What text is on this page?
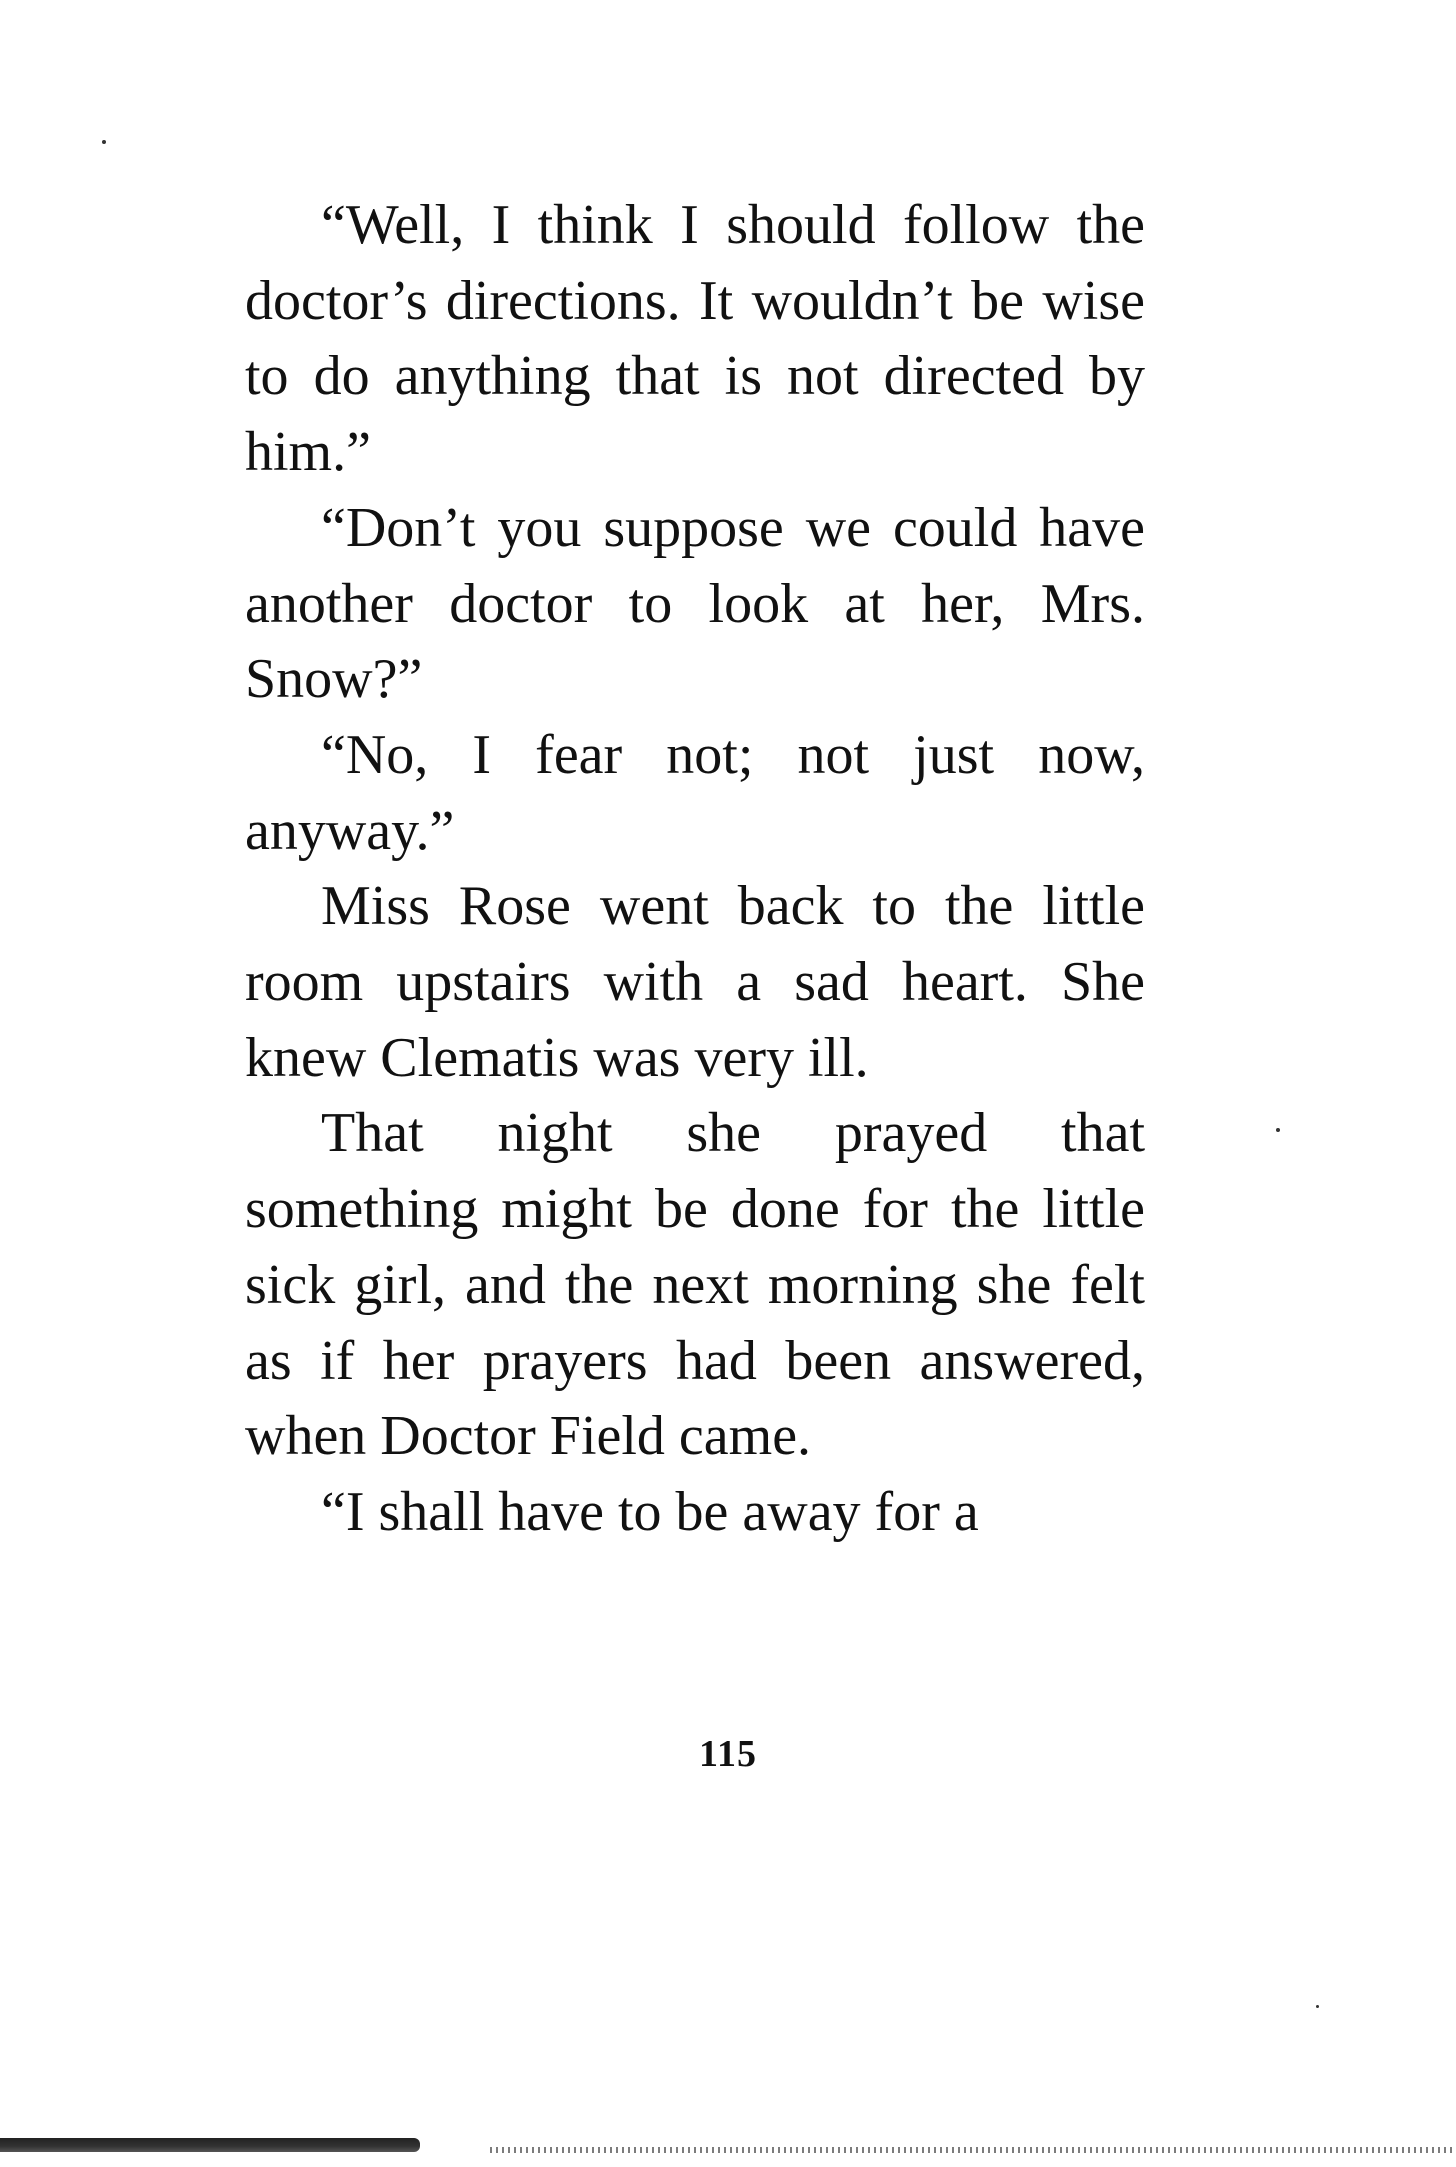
“Well, I think I should follow the doctor’s directions. It wouldn’t be wise to do anything that is not directed by him.”

“Don’t you suppose we could have another doctor to look at her, Mrs. Snow?”

“No, I fear not; not just now, anyway.”

Miss Rose went back to the little room upstairs with a sad heart. She knew Clematis was very ill.

That night she prayed that something might be done for the little sick girl, and the next morning she felt as if her prayers had been answered, when Doctor Field came.

“I shall have to be away for a

115
